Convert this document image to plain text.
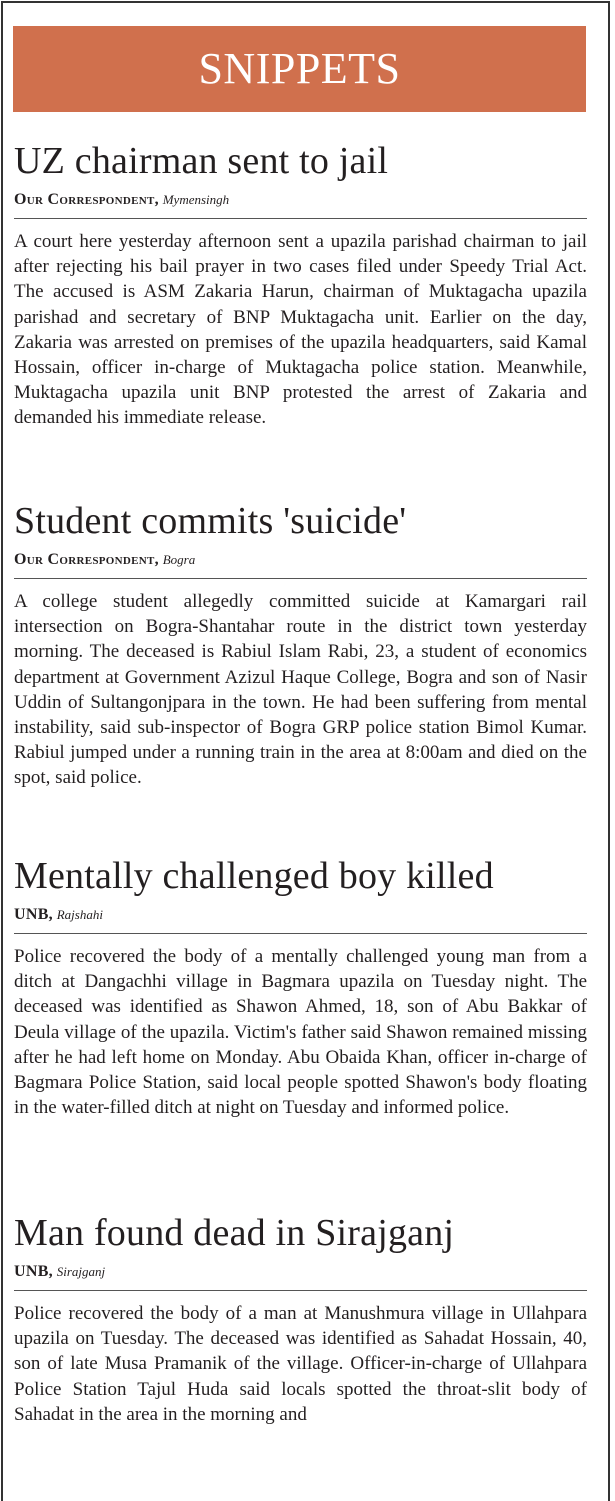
SNIPPETS
UZ chairman sent to jail
Our Correspondent, Mymensingh
A court here yesterday afternoon sent a upazila parishad chairman to jail after rejecting his bail prayer in two cases filed under Speedy Trial Act. The accused is ASM Zakaria Harun, chairman of Muktagacha upazila parishad and secretary of BNP Muktagacha unit. Earlier on the day, Zakaria was arrested on premises of the upazila headquarters, said Kamal Hossain, officer in-charge of Muktagacha police station. Meanwhile, Muktagacha upazila unit BNP protested the arrest of Zakaria and demanded his immediate release.
Student commits 'suicide'
Our Correspondent, Bogra
A college student allegedly committed suicide at Kamargari rail intersection on Bogra-Shantahar route in the district town yesterday morning. The deceased is Rabiul Islam Rabi, 23, a student of economics department at Government Azizul Haque College, Bogra and son of Nasir Uddin of Sultangonjpara in the town. He had been suffering from mental instability, said sub-inspector of Bogra GRP police station Bimol Kumar. Rabiul jumped under a running train in the area at 8:00am and died on the spot, said police.
Mentally challenged boy killed
UNB, Rajshahi
Police recovered the body of a mentally challenged young man from a ditch at Dangachhi village in Bagmara upazila on Tuesday night. The deceased was identified as Shawon Ahmed, 18, son of Abu Bakkar of Deula village of the upazila. Victim's father said Shawon remained missing after he had left home on Monday. Abu Obaida Khan, officer in-charge of Bagmara Police Station, said local people spotted Shawon's body floating in the water-filled ditch at night on Tuesday and informed police.
Man found dead in Sirajganj
UNB, Sirajganj
Police recovered the body of a man at Manushmura village in Ullahpara upazila on Tuesday. The deceased was identified as Sahadat Hossain, 40, son of late Musa Pramanik of the village. Officer-in-charge of Ullahpara Police Station Tajul Huda said locals spotted the throat-slit body of Sahadat in the area in the morning and
